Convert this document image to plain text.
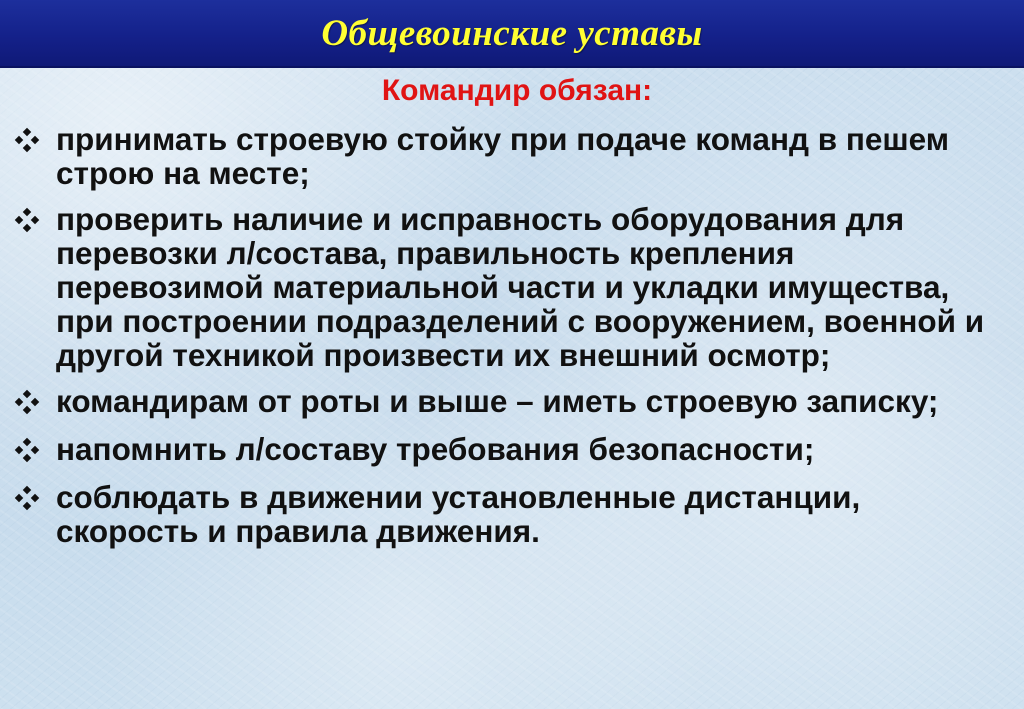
Общевоинские уставы
Командир обязан:
принимать строевую стойку при подаче команд в пешем строю на месте;
проверить наличие и исправность оборудования для перевозки л/состава, правильность крепления перевозимой материальной части и укладки имущества, при построении подразделений с вооружением, военной и другой техникой произвести их внешний осмотр;
командирам от роты и выше – иметь строевую записку;
напомнить л/составу требования безопасности;
соблюдать в движении установленные дистанции, скорость и правила движения.
